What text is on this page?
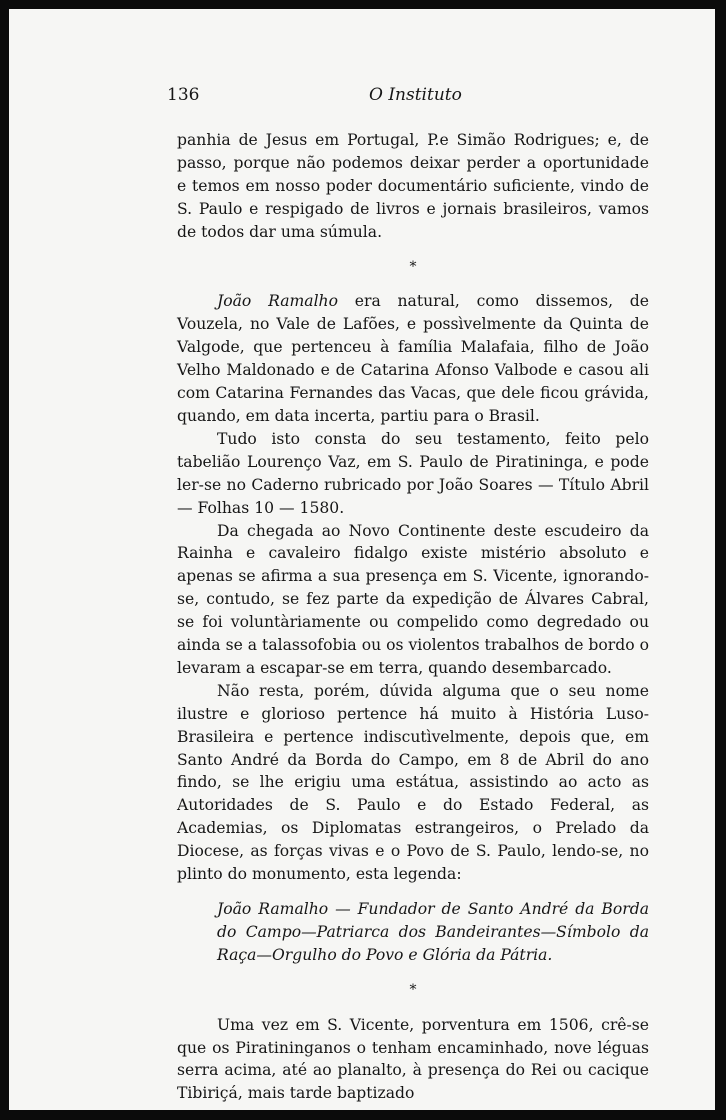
136	O Instituto

panhia de Jesus em Portugal, P.e Simão Rodrigues; e, de passo, porque não podemos deixar perder a oportunidade e temos em nosso poder documentário suficiente, vindo de S. Paulo e respigado de livros e jornais brasileiros, vamos de todos dar uma súmula.

*

João Ramalho era natural, como dissemos, de Vouzela, no Vale de Lafões, e possìvelmente da Quinta de Valgode, que pertenceu à família Malafaia, filho de João Velho Maldonado e de Catarina Afonso Valbode e casou ali com Catarina Fernandes das Vacas, que dele ficou grávida, quando, em data incerta, partiu para o Brasil.

Tudo isto consta do seu testamento, feito pelo tabelião Lourenço Vaz, em S. Paulo de Piratininga, e pode ler-se no Caderno rubricado por João Soares — Título Abril — Folhas 10 — 1580.

Da chegada ao Novo Continente deste escudeiro da Rainha e cavaleiro fidalgo existe mistério absoluto e apenas se afirma a sua presença em S. Vicente, ignorando-se, contudo, se fez parte da expedição de Álvares Cabral, se foi voluntàriamente ou compelido como degredado ou ainda se a talassofobia ou os violentos trabalhos de bordo o levaram a escapar-se em terra, quando desembarcado.

Não resta, porém, dúvida alguma que o seu nome ilustre e glorioso pertence há muito à História Luso-Brasileira e pertence indiscutìvelmente, depois que, em Santo André da Borda do Campo, em 8 de Abril do ano findo, se lhe erigiu uma estátua, assistindo ao acto as Autoridades de S. Paulo e do Estado Federal, as Academias, os Diplomatas estrangeiros, o Prelado da Diocese, as forças vivas e o Povo de S. Paulo, lendo-se, no plinto do monumento, esta legenda:

João Ramalho — Fundador de Santo André da Borda do Campo—Patriarca dos Bandeirantes—Símbolo da Raça—Orgulho do Povo e Glória da Pátria.

*

Uma vez em S. Vicente, porventura em 1506, crê-se que os Piratininganos o tenham encaminhado, nove léguas serra acima, até ao planalto, à presença do Rei ou cacique Tibiriçá, mais tarde baptizado
